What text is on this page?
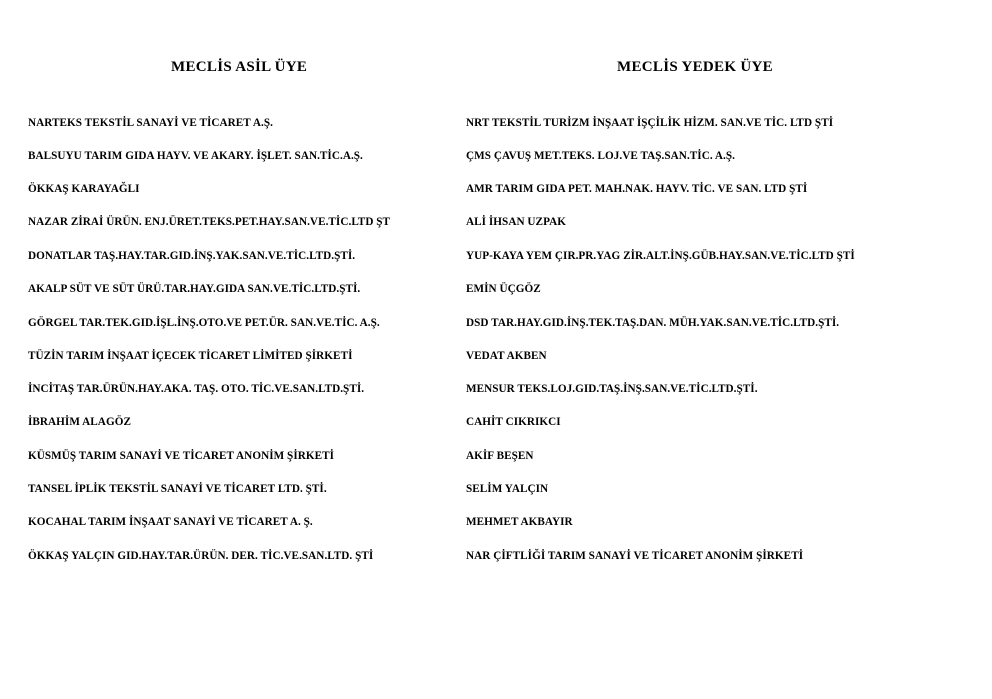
MECLİS ASİL ÜYE	MECLİS YEDEK ÜYE
NARTEKS TEKSTİL SANAYİ VE TİCARET A.Ş.	NRT TEKSTİL TURİZM İNŞAAT İŞÇİLİK HİZM. SAN.VE TİC. LTD ŞTİ
BALSUYU TARIM GIDA HAYV. VE AKARY. İŞLET. SAN.TİC.A.Ş.	ÇMS ÇAVUŞ MET.TEKS. LOJ.VE TAŞ.SAN.TİC. A.Ş.
ÖKKAŞ KARAYAĞLI	AMR TARIM GIDA PET. MAH.NAK. HAYV. TİC. VE SAN. LTD ŞTİ
NAZAR ZİRAİ ÜRÜN. ENJ.ÜRET.TEKS.PET.HAY.SAN.VE.TİC.LTD ŞT	ALİ İHSAN UZPAK
DONATLAR TAŞ.HAY.TAR.GID.İNŞ.YAK.SAN.VE.TİC.LTD.ŞTİ.	YUP-KAYA YEM ÇIR.PR.YAG ZİR.ALT.İNŞ.GÜB.HAY.SAN.VE.TİC.LTD ŞTİ
AKALP SÜT VE SÜT ÜRÜ.TAR.HAY.GIDA SAN.VE.TİC.LTD.ŞTİ.	EMİN ÜÇGÖZ
GÖRGEL TAR.TEK.GID.İŞL.İNŞ.OTO.VE PET.ÜR. SAN.VE.TİC. A.Ş.	DSD TAR.HAY.GID.İNŞ.TEK.TAŞ.DAN. MÜH.YAK.SAN.VE.TİC.LTD.ŞTİ.
TÜZİN TARIM İNŞAAT İÇECEK TİCARET LİMİTED ŞİRKETİ	VEDAT AKBEN
İNCİTAŞ TAR.ÜRÜN.HAY.AKA. TAŞ. OTO. TİC.VE.SAN.LTD.ŞTİ.	MENSUR TEKS.LOJ.GID.TAŞ.İNŞ.SAN.VE.TİC.LTD.ŞTİ.
İBRAHİM ALAGÖZ	CAHİT CIKRIKCI
KÜSMÜŞ TARIM SANAYİ VE TİCARET ANONİM ŞİRKETİ	AKİF BEŞEN
TANSEL İPLİK TEKSTİL SANAYİ VE TİCARET LTD. ŞTİ.	SELİM YALÇIN
KOCAHAL TARIM İNŞAAT SANAYİ VE TİCARET A. Ş.	MEHMET AKBAYIR
ÖKKAŞ YALÇIN GID.HAY.TAR.ÜRÜN. DER. TİC.VE.SAN.LTD. ŞTİ	NAR ÇİFTLİĞİ TARIM SANAYİ VE TİCARET ANONİM ŞİRKETİ
